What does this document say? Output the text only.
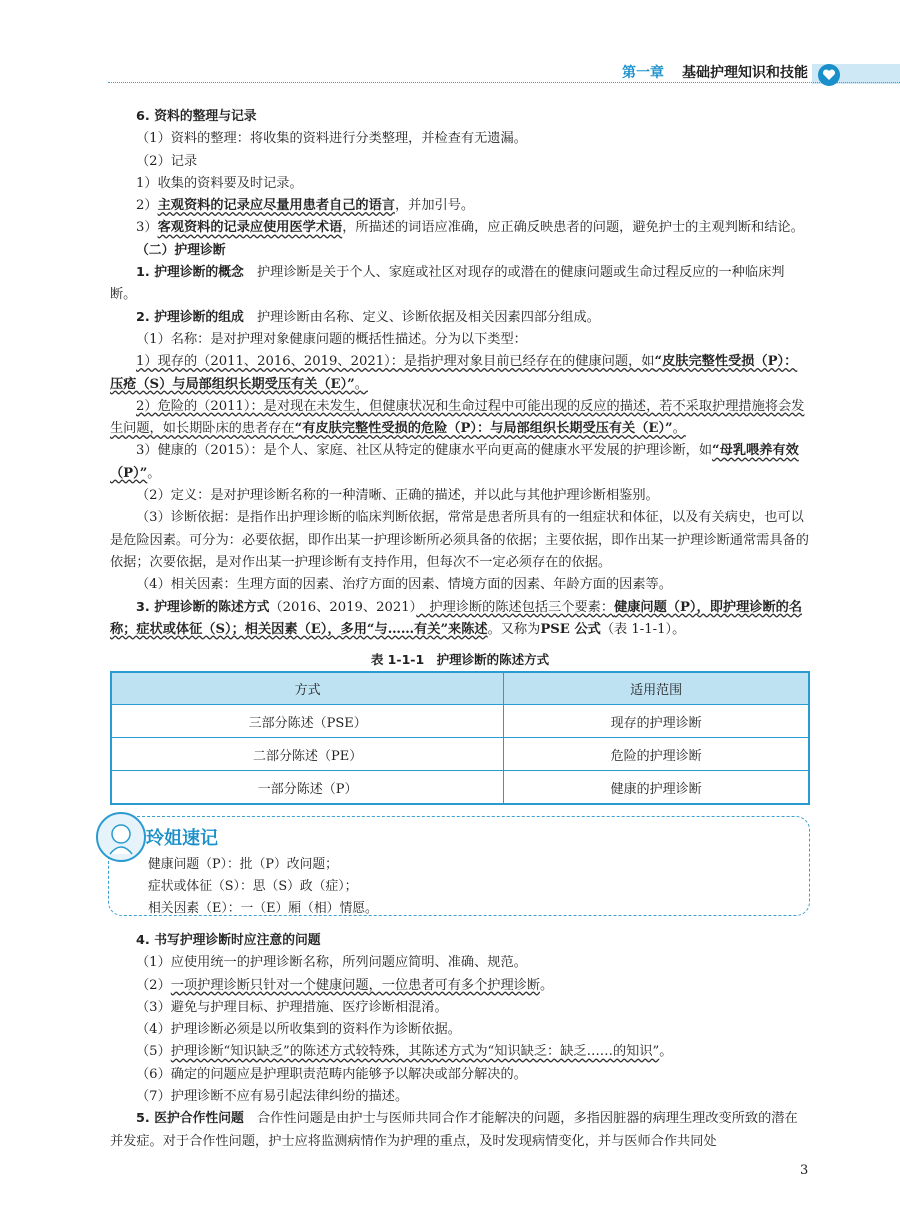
第一章 基础护理知识和技能

6. 资料的整理与记录

（1）资料的整理：将收集的资料进行分类整理，并检查有无遗漏。

（2）记录

1）收集的资料要及时记录。

2）主观资料的记录应尽量用患者自己的语言，并加引号。

3）客观资料的记录应使用医学术语，所描述的词语应准确，应正确反映患者的问题，避免护士的主观判断和结论。

（二）护理诊断

1. 护理诊断的概念　护理诊断是关于个人、家庭或社区对现存的或潜在的健康问题或生命过程反应的一种临床判断。

2. 护理诊断的组成　护理诊断由名称、定义、诊断依据及相关因素四部分组成。

（1）名称：是对护理对象健康问题的概括性描述。分为以下类型：

1）现存的（2011、2016、2019、2021）：是指护理对象目前已经存在的健康问题，如“皮肤完整性受损（P）：压疮（S）与局部组织长期受压有关（E）”。

2）危险的（2011）：是对现在未发生，但健康状况和生命过程中可能出现的反应的描述，若不采取护理措施将会发生问题，如长期卧床的患者存在“有皮肤完整性受损的危险（P）：与局部组织长期受压有关（E）”。

3）健康的（2015）：是个人、家庭、社区从特定的健康水平向更高的健康水平发展的护理诊断，如“母乳喂养有效（P）”。

（2）定义：是对护理诊断名称的一种清晰、正确的描述，并以此与其他护理诊断相鉴别。

（3）诊断依据：是指作出护理诊断的临床判断依据，常常是患者所具有的一组症状和体征，以及有关病史，也可以是危险因素。可分为：必要依据，即作出某一护理诊断所必须具备的依据；主要依据，即作出某一护理诊断通常需具备的依据；次要依据，是对作出某一护理诊断有支持作用，但每次不一定必须存在的依据。

（4）相关因素：生理方面的因素、治疗方面的因素、情境方面的因素、年龄方面的因素等。

3. 护理诊断的陈述方式（2016、2019、2021）　护理诊断的陈述包括三个要素：健康问题（P），即护理诊断的名称；症状或体征（S）；相关因素（E），多用“与……有关”来陈述。又称为PSE 公式（表 1-1-1）。

表 1-1-1　护理诊断的陈述方式
方式	适用范围
三部分陈述（PSE）	现存的护理诊断
二部分陈述（PE）	危险的护理诊断
一部分陈述（P）	健康的护理诊断
玲姐速记

健康问题（P）：批（P）改问题；

症状或体征（S）：思（S）政（症）；

相关因素（E）：一（E）厢（相）情愿。

4. 书写护理诊断时应注意的问题

（1）应使用统一的护理诊断名称，所列问题应简明、准确、规范。

（2）一项护理诊断只针对一个健康问题，一位患者可有多个护理诊断。

（3）避免与护理目标、护理措施、医疗诊断相混淆。

（4）护理诊断必须是以所收集到的资料作为诊断依据。

（5）护理诊断“知识缺乏”的陈述方式较特殊，其陈述方式为“知识缺乏：缺乏……的知识”。

（6）确定的问题应是护理职责范畴内能够予以解决或部分解决的。

（7）护理诊断不应有易引起法律纠纷的描述。

5. 医护合作性问题　合作性问题是由护士与医师共同合作才能解决的问题，多指因脏器的病理生理改变所致的潜在并发症。对于合作性问题，护士应将监测病情作为护理的重点，及时发现病情变化，并与医师合作共同处

3
